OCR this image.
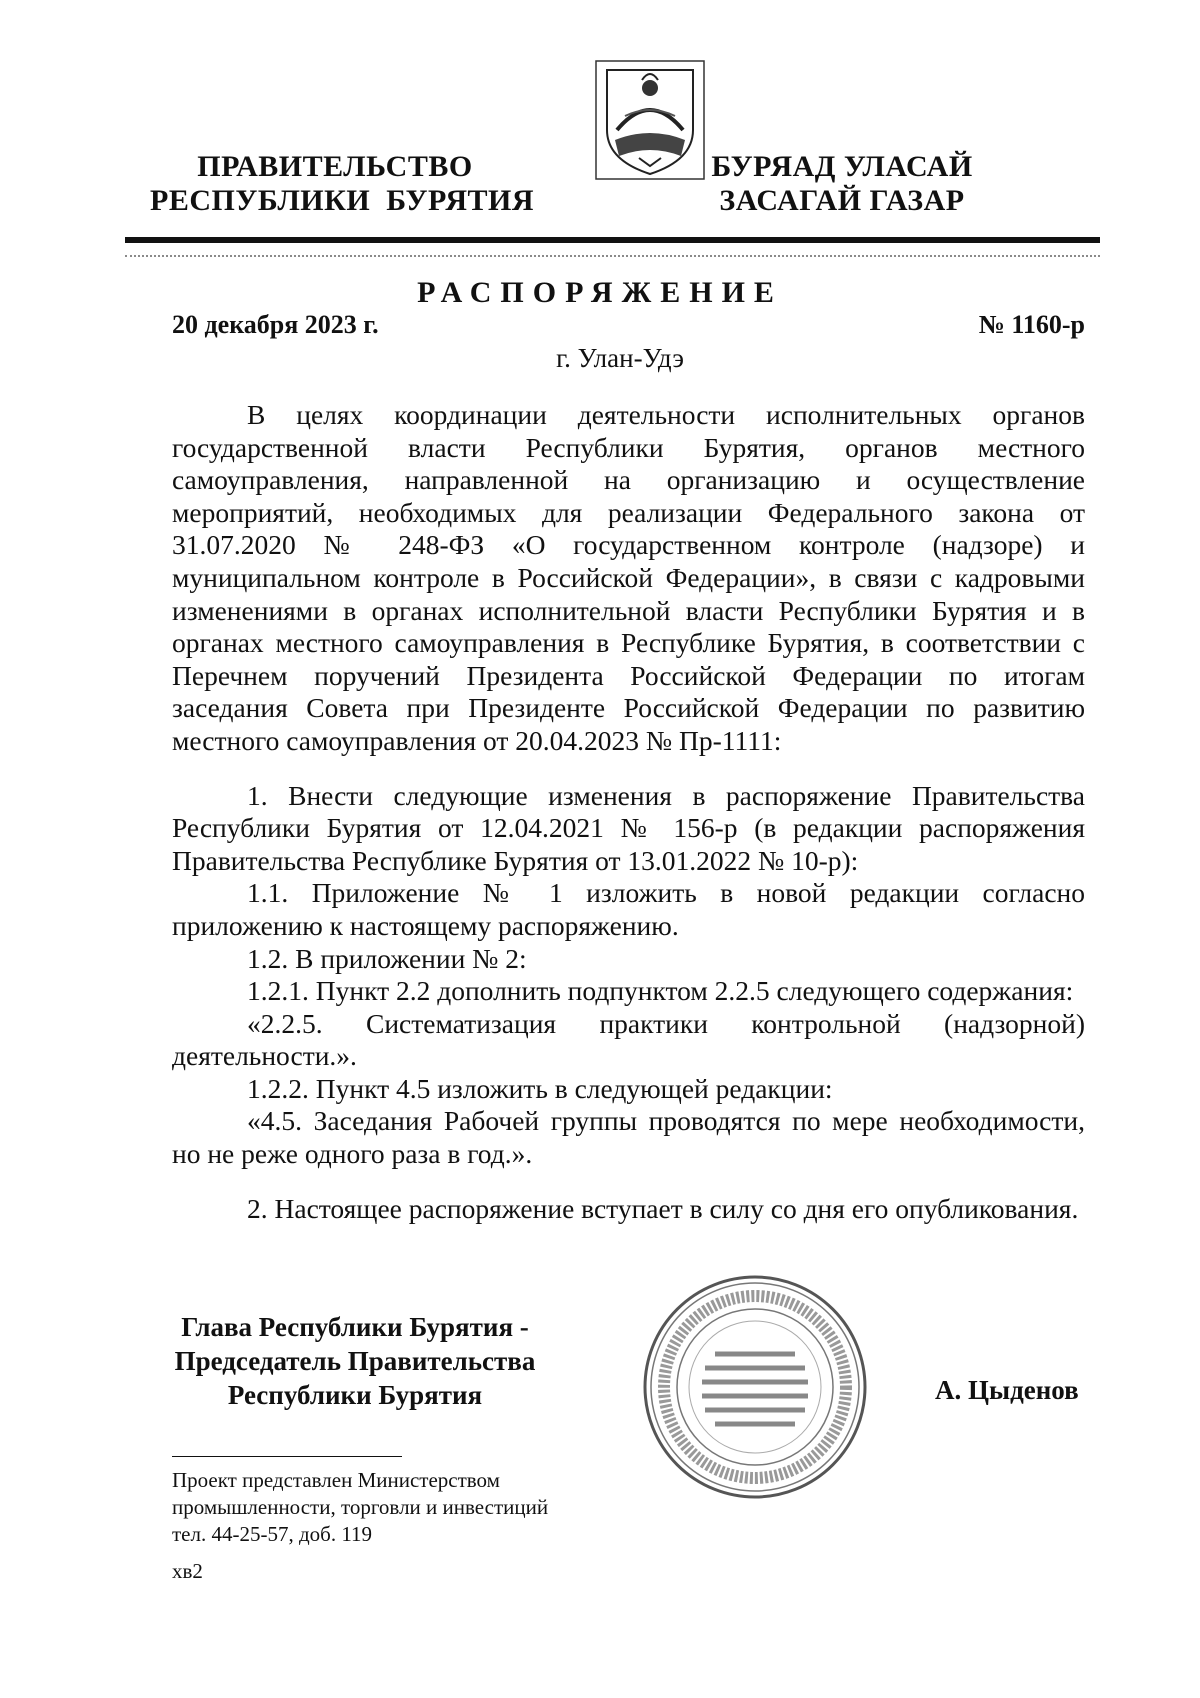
ПРАВИТЕЛЬСТВО
РЕСПУБЛИКИ  БУРЯТИЯ
БУРЯАД УЛАСАЙ
ЗАСАГАЙ ГАЗАР
РАСПОРЯЖЕНИЕ
20 декабря 2023 г.	№ 1160-р
г. Улан-Удэ

В целях координации деятельности исполнительных органов государственной власти Республики Бурятия, органов местного самоуправления, направленной на организацию и осуществление мероприятий, необходимых для реализации Федерального закона от 31.07.2020 № 248-ФЗ «О государственном контроле (надзоре) и муниципальном контроле в Российской Федерации», в связи с кадровыми изменениями в органах исполнительной власти Республики Бурятия и в органах местного самоуправления в Республике Бурятия, в соответствии с Перечнем поручений Президента Российской Федерации по итогам заседания Совета при Президенте Российской Федерации по развитию местного самоуправления от 20.04.2023 № Пр-1111:

1. Внести следующие изменения в распоряжение Правительства Республики Бурятия от 12.04.2021 № 156-р (в редакции распоряжения Правительства Республике Бурятия от 13.01.2022 № 10-р):

1.1. Приложение № 1 изложить в новой редакции согласно приложению к настоящему распоряжению.

1.2. В приложении № 2:

1.2.1. Пункт 2.2 дополнить подпунктом 2.2.5 следующего содержания:

«2.2.5. Систематизация практики контрольной (надзорной) деятельности.».

1.2.2. Пункт 4.5 изложить в следующей редакции:

«4.5. Заседания Рабочей группы проводятся по мере необходимости, но не реже одного раза в год.».

2. Настоящее распоряжение вступает в силу со дня его опубликования.

Глава Республики Бурятия -
Председатель Правительства
Республики Бурятия	А. Цыденов
Проект представлен Министерством
промышленности, торговли и инвестиций
тел. 44-25-57, доб. 119
хв2
